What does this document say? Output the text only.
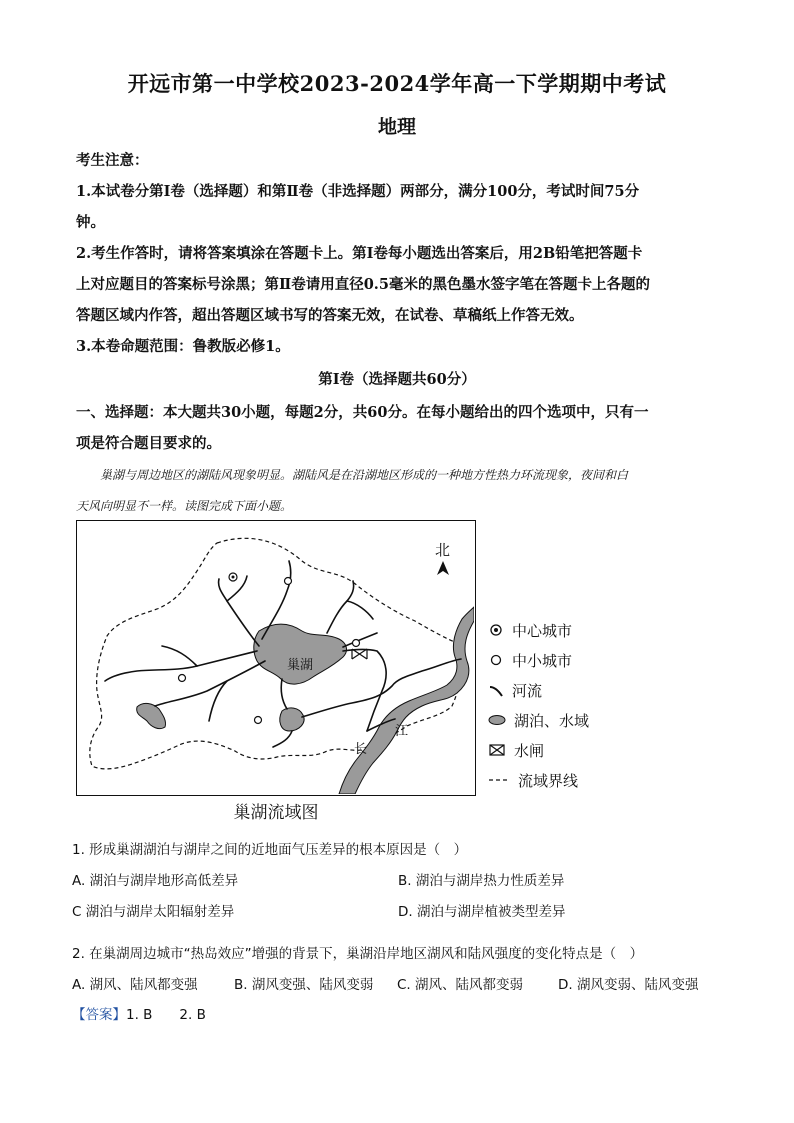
开远市第一中学校2023-2024学年高一下学期期中考试
地理
考生注意：
1.本试卷分第Ⅰ卷（选择题）和第Ⅱ卷（非选择题）两部分，满分100分，考试时间75分
钟。
2.考生作答时，请将答案填涂在答题卡上。第Ⅰ卷每小题选出答案后，用2B铅笔把答题卡
上对应题目的答案标号涂黑；第Ⅱ卷请用直径0.5毫米的黑色墨水签字笔在答题卡上各题的
答题区域内作答，超出答题区域书写的答案无效，在试卷、草稿纸上作答无效。
3.本卷命题范围：鲁教版必修1。
第Ⅰ卷（选择题共60分）
一、选择题：本大题共30小题，每题2分，共60分。在每小题给出的四个选项中，只有一
项是符合题目要求的。
巢湖与周边地区的湖陆风现象明显。湖陆风是在沿湖地区形成的一种地方性热力环流现象，夜间和白
天风向明显不一样。读图完成下面小题。
北
巢湖
长
江
巢湖流域图
中心城市
中小城市
河流
湖泊、水域
水闸
流域界线
1. 形成巢湖湖泊与湖岸之间的近地面气压差异的根本原因是（　）
A. 湖泊与湖岸地形高低差异	B. 湖泊与湖岸热力性质差异
C 湖泊与湖岸太阳辐射差异	D. 湖泊与湖岸植被类型差异
2. 在巢湖周边城市“热岛效应”增强的背景下，巢湖沿岸地区湖风和陆风强度的变化特点是（　）
A. 湖风、陆风都变强	B. 湖风变强、陆风变弱 C. 湖风、陆风都变弱	D. 湖风变弱、陆风变强
【答案】1. B　　2. B
